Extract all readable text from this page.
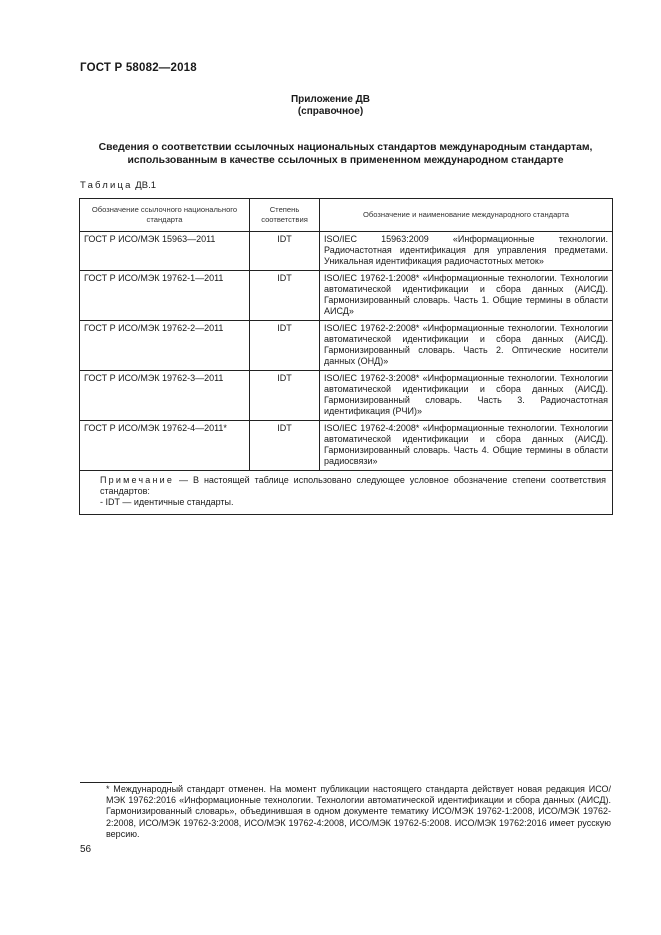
ГОСТ Р 58082—2018
Приложение ДВ
(справочное)
Сведения о соответствии ссылочных национальных стандартов международным стандартам,
использованным в качестве ссылочных в примененном международном стандарте
Таблица ДВ.1
Обозначение ссылочного национального стандарта	Степень соответствия	Обозначение и наименование международного стандарта
ГОСТ Р ИСО/МЭК 15963—2011	IDT	ISO/IEC 15963:2009 «Информационные технологии. Радиочастотная идентификация для управления предметами. Уникальная идентификация радиочастотных меток»
ГОСТ Р ИСО/МЭК 19762-1—2011	IDT	ISO/IEC 19762-1:2008* «Информационные технологии. Технологии автоматической идентификации и сбора данных (АИСД). Гармонизированный словарь. Часть 1. Общие термины в области АИСД»
ГОСТ Р ИСО/МЭК 19762-2—2011	IDT	ISO/IEC 19762-2:2008* «Информационные технологии. Технологии автоматической идентификации и сбора данных (АИСД). Гармонизированный словарь. Часть 2. Оптические носители данных (ОНД)»
ГОСТ Р ИСО/МЭК 19762-3—2011	IDT	ISO/IEC 19762-3:2008* «Информационные технологии. Технологии автоматической идентификации и сбора данных (АИСД). Гармонизированный словарь. Часть 3. Радиочастотная идентификация (РЧИ)»
ГОСТ Р ИСО/МЭК 19762-4—2011*	IDT	ISO/IEC 19762-4:2008* «Информационные технологии. Технологии автоматической идентификации и сбора данных (АИСД). Гармонизированный словарь. Часть 4. Общие термины в области радиосвязи»

Примечание — В настоящей таблице использовано следующее условное обозначение степени соответствия стандартов:
- IDT — идентичные стандарты.		
* Международный стандарт отменен. На момент публикации настоящего стандарта действует новая редакция ИСО/МЭК 19762:2016 «Информационные технологии. Технологии автоматической идентификации и сбора данных (АИСД). Гармонизированный словарь», объединившая в одном документе тематику ИСО/МЭК 19762-1:2008, ИСО/МЭК 19762-2:2008, ИСО/МЭК 19762-3:2008, ИСО/МЭК 19762-4:2008, ИСО/МЭК 19762-5:2008. ИСО/МЭК 19762:2016 имеет русскую версию.
56
